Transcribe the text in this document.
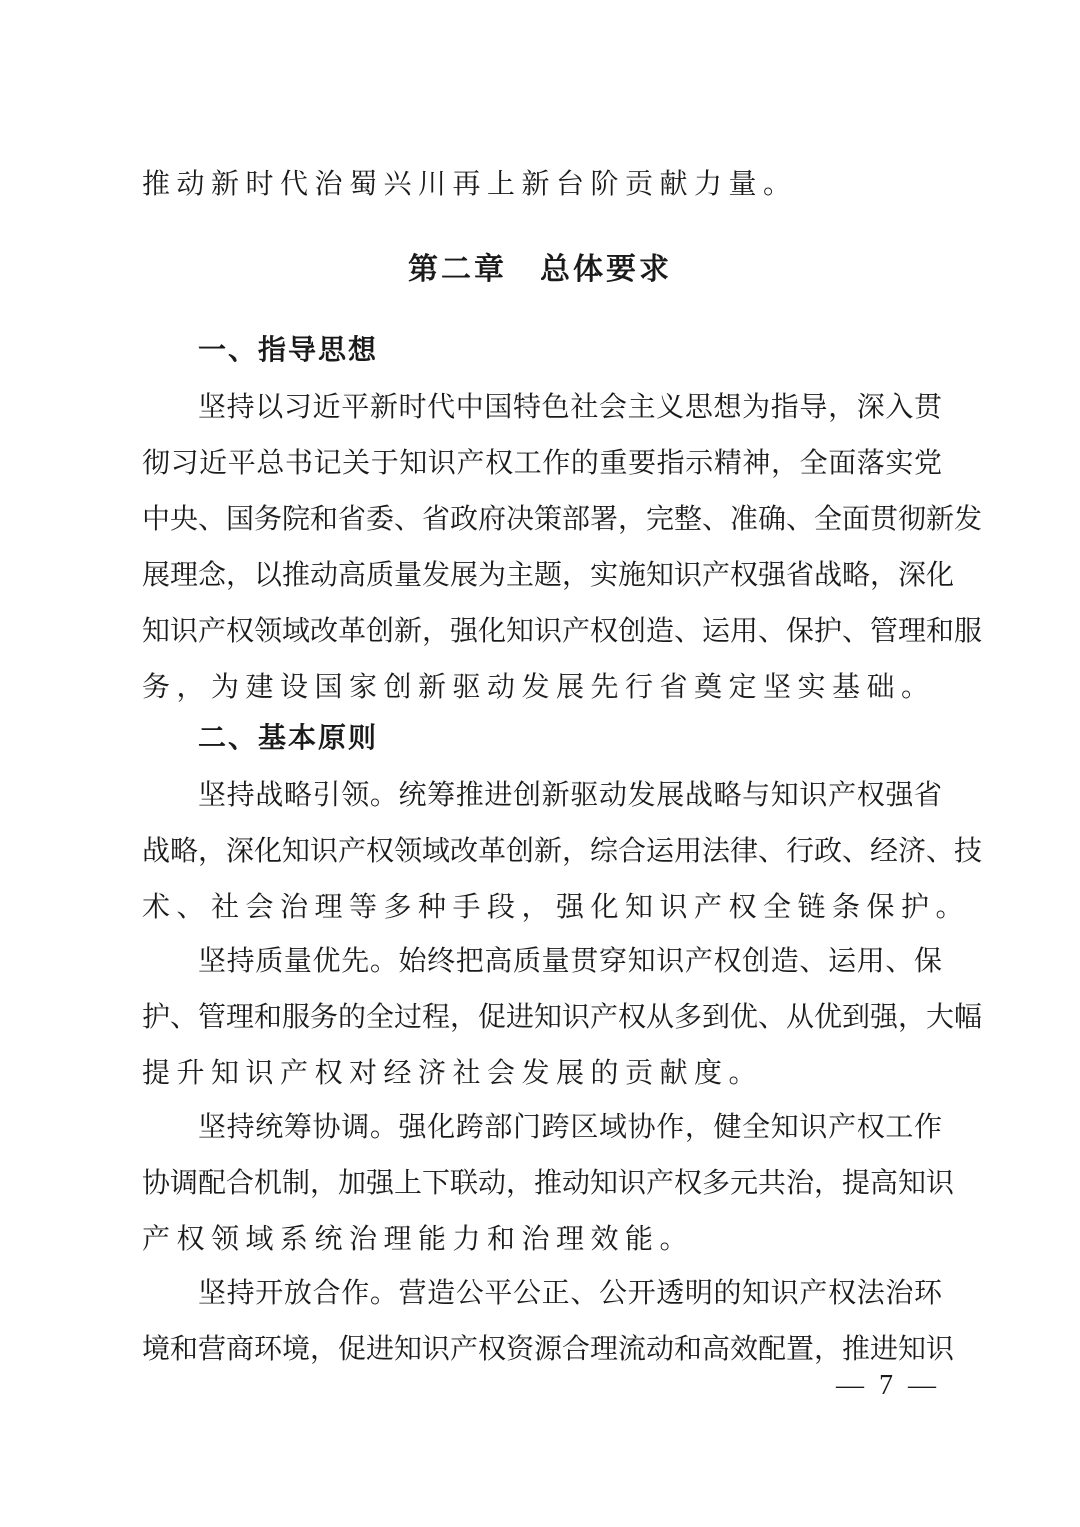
推动新时代治蜀兴川再上新台阶贡献力量。
第二章　总体要求
一、指导思想
坚持以习近平新时代中国特色社会主义思想为指导，深入贯
彻习近平总书记关于知识产权工作的重要指示精神，全面落实党
中央、国务院和省委、省政府决策部署，完整、准确、全面贯彻新发
展理念，以推动高质量发展为主题，实施知识产权强省战略，深化
知识产权领域改革创新，强化知识产权创造、运用、保护、管理和服
务，为建设国家创新驱动发展先行省奠定坚实基础。
二、基本原则
坚持战略引领。统筹推进创新驱动发展战略与知识产权强省
战略，深化知识产权领域改革创新，综合运用法律、行政、经济、技
术、社会治理等多种手段，强化知识产权全链条保护。
坚持质量优先。始终把高质量贯穿知识产权创造、运用、保
护、管理和服务的全过程，促进知识产权从多到优、从优到强，大幅
提升知识产权对经济社会发展的贡献度。
坚持统筹协调。强化跨部门跨区域协作，健全知识产权工作
协调配合机制，加强上下联动，推动知识产权多元共治，提高知识
产权领域系统治理能力和治理效能。
坚持开放合作。营造公平公正、公开透明的知识产权法治环
境和营商环境，促进知识产权资源合理流动和高效配置，推进知识
— 7 —
